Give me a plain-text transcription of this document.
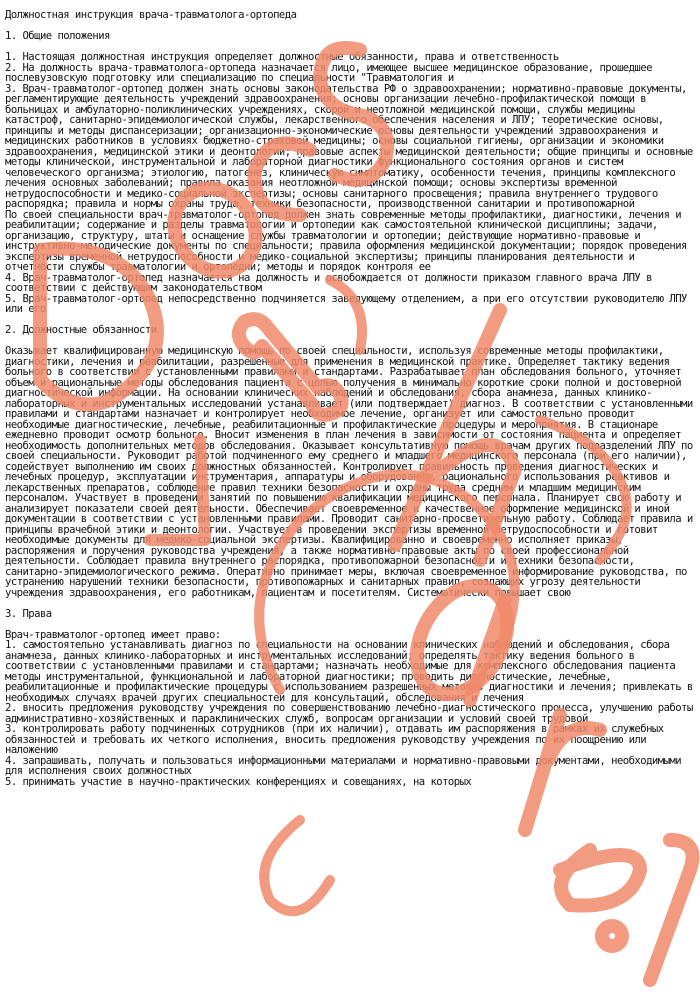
Должностная инструкция врача-травматолога-ортопеда
1. Общие положения
1. Настоящая должностная инструкция определяет должностные обязанности, права и ответственность
2. На должность врача-травматолога-ортопеда назначается лицо, имеющее высшее медицинское образование, прошедшее послевузовскую подготовку или специализацию по специальности "Травматология и
3. Врач-травматолог-ортопед должен знать основы законодательства РФ о здравоохранении; нормативно-правовые документы, регламентирующие деятельность учреждений здравоохранения; основы организации лечебно-профилактической помощи в больницах и амбулаторно-поликлинических учреждениях, скорой и неотложной медицинской помощи, службы медицины катастроф, санитарно-эпидемиологической службы, лекарственного обеспечения населения и ЛПУ; теоретические основы, принципы и методы диспансеризации; организационно-экономические основы деятельности учреждений здравоохранения и медицинских работников в условиях бюджетно-страховой медицины; основы социальной гигиены, организации и экономики здравоохранения, медицинской этики и деонтологии; правовые аспекты медицинской деятельности; общие принципы и основные методы клинической, инструментальной и лабораторной диагностики функционального состояния органов и систем человеческого организма; этиологию, патогенез, клиническую симптоматику, особенности течения, принципы комплексного лечения основных заболеваний; правила оказания неотложной медицинской помощи; основы экспертизы временной нетрудоспособности и медико-социальной экспертизы; основы санитарного просвещения; правила внутреннего трудового распорядка; правила и нормы охраны труда, техники безопасности, производственной санитарии и противопожарной
По своей специальности врач-травматолог-ортопед должен знать современные методы профилактики, диагностики, лечения и реабилитации; содержание и разделы травматологии и ортопедии как самостоятельной клинической дисциплины; задачи, организацию, структуру, штаты и оснащение службы травматологии и ортопедии; действующие нормативно-правовые и инструктивно-методические документы по специальности; правила оформления медицинской документации; порядок проведения экспертизы временной нетрудоспособности и медико-социальной экспертизы; принципы планирования деятельности и отчетности службы травматологии и ортопедии; методы и порядок контроля ее
4. Врач-травматолог-ортопед назначается на должность и освобождается от должности приказом главного врача ЛПУ в соответствии с действующим законодательством
5. Врач-травматолог-ортопед непосредственно подчиняется заведующему отделением, а при его отсутствии руководителю ЛПУ или его
2. Должностные обязанности
Оказывает квалифицированную медицинскую помощь по своей специальности, используя современные методы профилактики, диагностики, лечения и реабилитации, разрешенные для применения в медицинской практике. Определяет тактику ведения больного в соответствии с установленными правилами и стандартами. Разрабатывает план обследования больного, уточняет объем и рациональные методы обследования пациента с целью получения в минимально короткие сроки полной и достоверной диагностической информации. На основании клинических наблюдений и обследования, сбора анамнеза, данных клинико-лабораторных и инструментальных исследований устанавливает (или подтверждает) диагноз. В соответствии с установленными правилами и стандартами назначает и контролирует необходимое лечение, организует или самостоятельно проводит необходимые диагностические, лечебные, реабилитационные и профилактические процедуры и мероприятия. В стационаре ежедневно проводит осмотр больного. Вносит изменения в план лечения в зависимости от состояния пациента и определяет необходимость дополнительных методов обследования. Оказывает консультативную помощь врачам других подразделений ЛПУ по своей специальности. Руководит работой подчиненного ему среднего и младшего медицинского персонала (при его наличии), содействует выполнению им своих должностных обязанностей. Контролирует правильность проведения диагностических и лечебных процедур, эксплуатации инструментария, аппаратуры и оборудования, рационального использования реактивов и лекарственных препаратов, соблюдение правил техники безопасности и охраны труда средним и младшим медицинским персоналом. Участвует в проведении занятий по повышению квалификации медицинского персонала. Планирует свою работу и анализирует показатели своей деятельности. Обеспечивает своевременное и качественное оформление медицинской и иной документации в соответствии с установленными правилами. Проводит санитарно-просветительную работу. Соблюдает правила и принципы врачебной этики и деонтологии. Участвует в проведении экспертизы временной нетрудоспособности и готовит необходимые документы для медико-социальной экспертизы. Квалифицированно и своевременно исполняет приказы, распоряжения и поручения руководства учреждения, а также нормативно-правовые акты по своей профессиональной деятельности. Соблюдает правила внутреннего распорядка, противопожарной безопасности и техники безопасности, санитарно-эпидемиологического режима. Оперативно принимает меры, включая своевременное информирование руководства, по устранению нарушений техники безопасности, противопожарных и санитарных правил, создающих угрозу деятельности учреждения здравоохранения, его работникам, пациентам и посетителям. Систематически повышает свою
3. Права
Врач-травматолог-ортопед имеет право:
1. самостоятельно устанавливать диагноз по специальности на основании клинических наблюдений и обследования, сбора анамнеза, данных клинико-лабораторных и инструментальных исследований; определять тактику ведения больного в соответствии с установленными правилами и стандартами; назначать необходимые для комплексного обследования пациента методы инструментальной, функциональной и лабораторной диагностики; проводить диагностические, лечебные, реабилитационные и профилактические процедуры с использованием разрешенных методов диагностики и лечения; привлекать в необходимых случаях врачей других специальностей для консультаций, обследования и лечения
2. вносить предложения руководству учреждения по совершенствованию лечебно-диагностического процесса, улучшению работы административно-хозяйственных и параклинических служб, вопросам организации и условий своей трудовой
3. контролировать работу подчиненных сотрудников (при их наличии), отдавать им распоряжения в рамках их служебных обязанностей и требовать их четкого исполнения, вносить предложения руководству учреждения по их поощрению или наложению
4. запрашивать, получать и пользоваться информационными материалами и нормативно-правовыми документами, необходимыми для исполнения своих должностных
5. принимать участие в научно-практических конференциях и совещаниях, на которых
